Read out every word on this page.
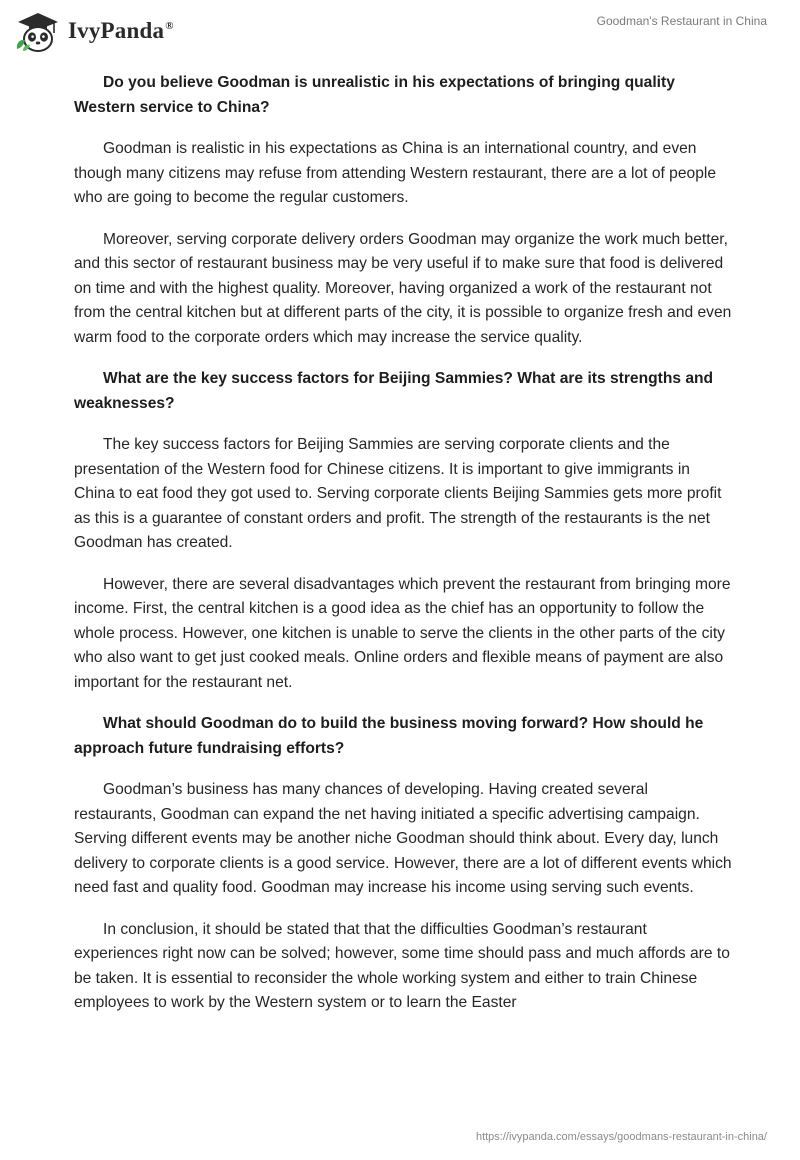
IvyPanda®	Goodman's Restaurant in China

Do you believe Goodman is unrealistic in his expectations of bringing quality Western service to China?

Goodman is realistic in his expectations as China is an international country, and even though many citizens may refuse from attending Western restaurant, there are a lot of people who are going to become the regular customers.

Moreover, serving corporate delivery orders Goodman may organize the work much better, and this sector of restaurant business may be very useful if to make sure that food is delivered on time and with the highest quality. Moreover, having organized a work of the restaurant not from the central kitchen but at different parts of the city, it is possible to organize fresh and even warm food to the corporate orders which may increase the service quality.

What are the key success factors for Beijing Sammies? What are its strengths and weaknesses?

The key success factors for Beijing Sammies are serving corporate clients and the presentation of the Western food for Chinese citizens. It is important to give immigrants in China to eat food they got used to. Serving corporate clients Beijing Sammies gets more profit as this is a guarantee of constant orders and profit. The strength of the restaurants is the net Goodman has created.

However, there are several disadvantages which prevent the restaurant from bringing more income. First, the central kitchen is a good idea as the chief has an opportunity to follow the whole process. However, one kitchen is unable to serve the clients in the other parts of the city who also want to get just cooked meals. Online orders and flexible means of payment are also important for the restaurant net.

What should Goodman do to build the business moving forward? How should he approach future fundraising efforts?

Goodman’s business has many chances of developing. Having created several restaurants, Goodman can expand the net having initiated a specific advertising campaign. Serving different events may be another niche Goodman should think about. Every day, lunch delivery to corporate clients is a good service. However, there are a lot of different events which need fast and quality food. Goodman may increase his income using serving such events.

In conclusion, it should be stated that that the difficulties Goodman’s restaurant experiences right now can be solved; however, some time should pass and much affords are to be taken. It is essential to reconsider the whole working system and either to train Chinese employees to work by the Western system or to learn the Easter

https://ivypanda.com/essays/goodmans-restaurant-in-china/
